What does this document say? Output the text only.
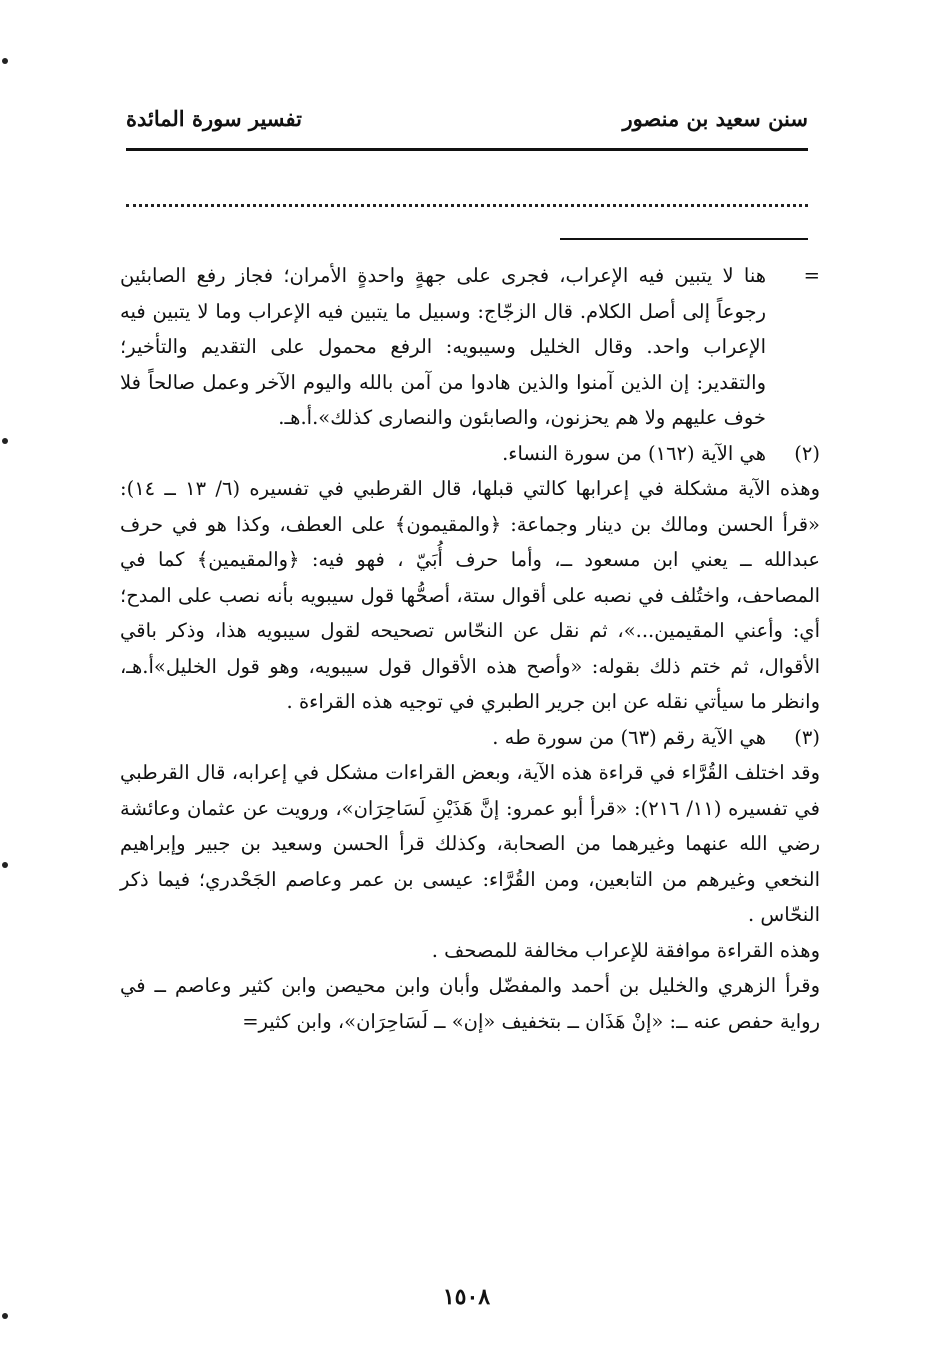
سنن سعيد بن منصور
تفسير سورة المائدة
=
هنا لا يتبين فيه الإعراب، فجرى على جهةٍ واحدةٍ الأمران؛ فجاز رفع الصابئين رجوعاً إلى أصل الكلام. قال الزجّاج: وسبيل ما يتبين فيه الإعراب وما لا يتبين فيه الإعراب واحد. وقال الخليل وسيبويه: الرفع محمول على التقديم والتأخير؛ والتقدير: إن الذين آمنوا والذين هادوا من آمن بالله واليوم الآخر وعمل صالحاً فلا خوف عليهم ولا هم يحزنون، والصابئون والنصارى كذلك».أ.هـ.
(٢)
هي الآية (١٦٢) من سورة النساء.
وهذه الآية مشكلة في إعرابها كالتي قبلها، قال القرطبي في تفسيره (٦/ ١٣ ــ ١٤): «قرأ الحسن ومالك بن دينار وجماعة: ﴿والمقيمون﴾ على العطف، وكذا هو في حرف عبدالله ــ يعني ابن مسعود ــ، وأما حرف أُبَيّ ، فهو فيه: ﴿والمقيمين﴾ كما في المصاحف، واختُلف في نصبه على أقوال ستة، أصحُّها قول سيبويه بأنه نصب على المدح؛ أي: وأعني المقيمين...»، ثم نقل عن النحّاس تصحيحه لقول سيبويه هذا، وذكر باقي الأقوال، ثم ختم ذلك بقوله: «وأصح هذه الأقوال قول سيبويه، وهو قول الخليل»أ.هـ، وانظر ما سيأتي نقله عن ابن جرير الطبري في توجيه هذه القراءة .
(٣)
هي الآية رقم (٦٣) من سورة طه .
وقد اختلف القُرَّاء في قراءة هذه الآية، وبعض القراءات مشكل في إعرابه، قال القرطبي في تفسيره (١١/ ٢١٦): «قرأ أبو عمرو: إنَّ هَذَيْنِ لَسَاحِرَان»، ورويت عن عثمان وعائشة رضي الله عنهما وغيرهما من الصحابة، وكذلك قرأ الحسن وسعيد بن جبير وإبراهيم النخعي وغيرهم من التابعين، ومن القُرَّاء: عيسى بن عمر وعاصم الجَحْدري؛ فيما ذكر النحّاس .
وهذه القراءة موافقة للإعراب مخالفة للمصحف .
وقرأ الزهري والخليل بن أحمد والمفضّل وأبان وابن محيصن وابن كثير وعاصم ــ في رواية حفص عنه ــ: «إنْ هَذَان ــ بتخفيف «إن» ــ لَسَاحِرَان»، وابن كثير=
١٥٠٨
